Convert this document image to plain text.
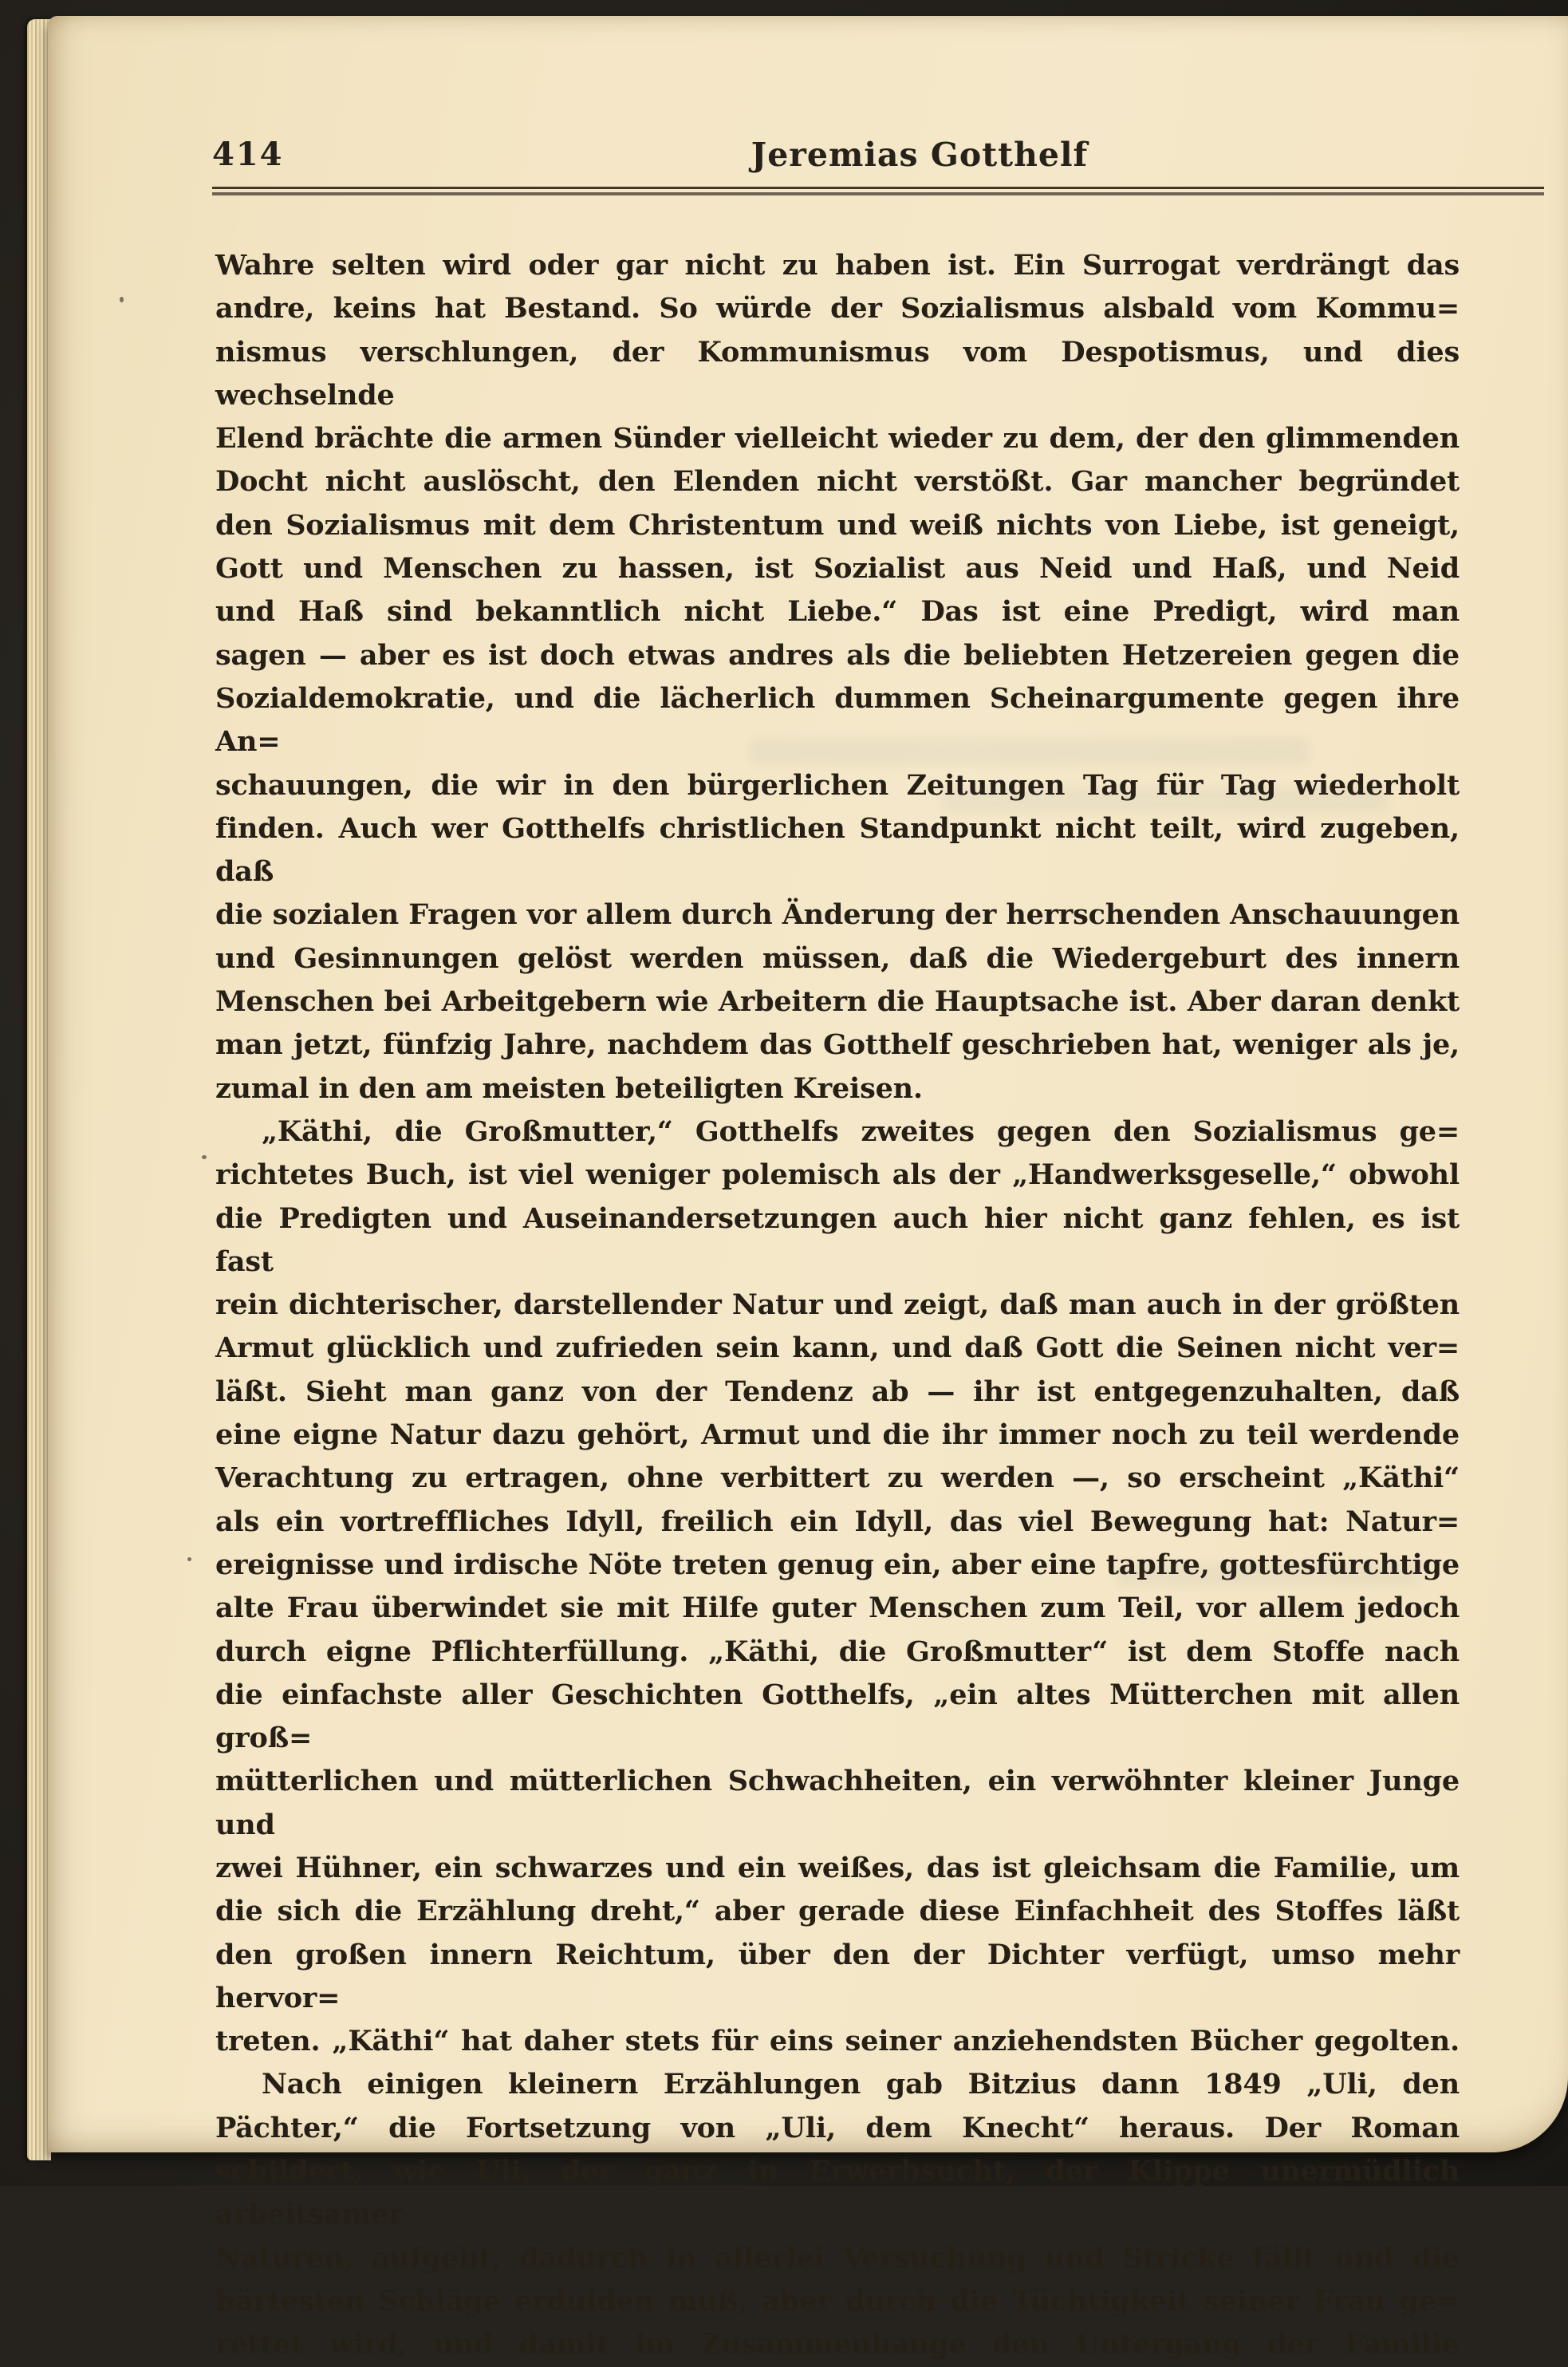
414	Jeremias Gotthelf
Wahre selten wird oder gar nicht zu haben ist. Ein Surrogat verdrängt das
andre, keins hat Bestand. So würde der Sozialismus alsbald vom Kommu=
nismus verschlungen, der Kommunismus vom Despotismus, und dies wechselnde
Elend brächte die armen Sünder vielleicht wieder zu dem, der den glimmenden
Docht nicht auslöscht, den Elenden nicht verstößt. Gar mancher begründet
den Sozialismus mit dem Christentum und weiß nichts von Liebe, ist geneigt,
Gott und Menschen zu hassen, ist Sozialist aus Neid und Haß, und Neid
und Haß sind bekanntlich nicht Liebe.“ Das ist eine Predigt, wird man
sagen — aber es ist doch etwas andres als die beliebten Hetzereien gegen die
Sozialdemokratie, und die lächerlich dummen Scheinargumente gegen ihre An=
schauungen, die wir in den bürgerlichen Zeitungen Tag für Tag wiederholt
finden. Auch wer Gotthelfs christlichen Standpunkt nicht teilt, wird zugeben, daß
die sozialen Fragen vor allem durch Änderung der herrschenden Anschauungen
und Gesinnungen gelöst werden müssen, daß die Wiedergeburt des innern
Menschen bei Arbeitgebern wie Arbeitern die Hauptsache ist. Aber daran denkt
man jetzt, fünfzig Jahre, nachdem das Gotthelf geschrieben hat, weniger als je,
zumal in den am meisten beteiligten Kreisen.
„Käthi, die Großmutter,“ Gotthelfs zweites gegen den Sozialismus ge=
richtetes Buch, ist viel weniger polemisch als der „Handwerksgeselle,“ obwohl
die Predigten und Auseinandersetzungen auch hier nicht ganz fehlen, es ist fast
rein dichterischer, darstellender Natur und zeigt, daß man auch in der größten
Armut glücklich und zufrieden sein kann, und daß Gott die Seinen nicht ver=
läßt. Sieht man ganz von der Tendenz ab — ihr ist entgegenzuhalten, daß
eine eigne Natur dazu gehört, Armut und die ihr immer noch zu teil werdende
Verachtung zu ertragen, ohne verbittert zu werden —, so erscheint „Käthi“
als ein vortreffliches Idyll, freilich ein Idyll, das viel Bewegung hat: Natur=
ereignisse und irdische Nöte treten genug ein, aber eine tapfre, gottesfürchtige
alte Frau überwindet sie mit Hilfe guter Menschen zum Teil, vor allem jedoch
durch eigne Pflichterfüllung. „Käthi, die Großmutter“ ist dem Stoffe nach
die einfachste aller Geschichten Gotthelfs, „ein altes Mütterchen mit allen groß=
mütterlichen und mütterlichen Schwachheiten, ein verwöhnter kleiner Junge und
zwei Hühner, ein schwarzes und ein weißes, das ist gleichsam die Familie, um
die sich die Erzählung dreht,“ aber gerade diese Einfachheit des Stoffes läßt
den großen innern Reichtum, über den der Dichter verfügt, umso mehr hervor=
treten. „Käthi“ hat daher stets für eins seiner anziehendsten Bücher gegolten.
Nach einigen kleinern Erzählungen gab Bitzius dann 1849 „Uli, den
Pächter,“ die Fortsetzung von „Uli, dem Knecht“ heraus. Der Roman
schildert, wie Uli, der ganz in Erwerbsucht, der Klippe unermüdlich arbeitsamer
Naturen, aufgeht, dadurch in allerlei Versuchung und Stricke fällt und die
härtesten Schläge erdulden muß, aber durch die Tüchtigkeit seiner Frau ge=
rettet wird, und damit im Zusammenhange den Untergang der Familie
